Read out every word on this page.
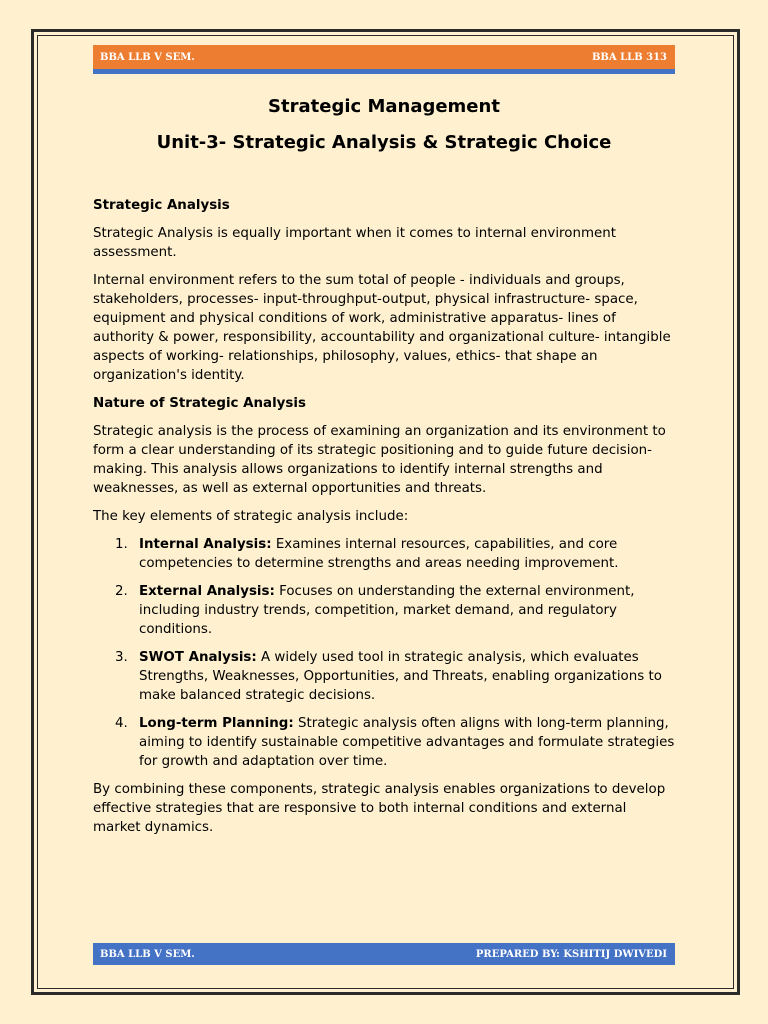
BBA LLB V SEM.	BBA LLB 313
Strategic Management
Unit-3- Strategic Analysis & Strategic Choice
Strategic Analysis

Strategic Analysis is equally important when it comes to internal environment assessment.

Internal environment refers to the sum total of people - individuals and groups, stakeholders, processes- input-throughput-output, physical infrastructure- space, equipment and physical conditions of work, administrative apparatus- lines of authority & power, responsibility, accountability and organizational culture- intangible aspects of working- relationships, philosophy, values, ethics- that shape an organization's identity.

Nature of Strategic Analysis

Strategic analysis is the process of examining an organization and its environment to form a clear understanding of its strategic positioning and to guide future decision-making. This analysis allows organizations to identify internal strengths and weaknesses, as well as external opportunities and threats.

The key elements of strategic analysis include:

1. Internal Analysis: Examines internal resources, capabilities, and core competencies to determine strengths and areas needing improvement.
2. External Analysis: Focuses on understanding the external environment, including industry trends, competition, market demand, and regulatory conditions.
3. SWOT Analysis: A widely used tool in strategic analysis, which evaluates Strengths, Weaknesses, Opportunities, and Threats, enabling organizations to make balanced strategic decisions.
4. Long-term Planning: Strategic analysis often aligns with long-term planning, aiming to identify sustainable competitive advantages and formulate strategies for growth and adaptation over time.

By combining these components, strategic analysis enables organizations to develop effective strategies that are responsive to both internal conditions and external market dynamics.

BBA LLB V SEM.	PREPARED BY: KSHITIJ DWIVEDI
